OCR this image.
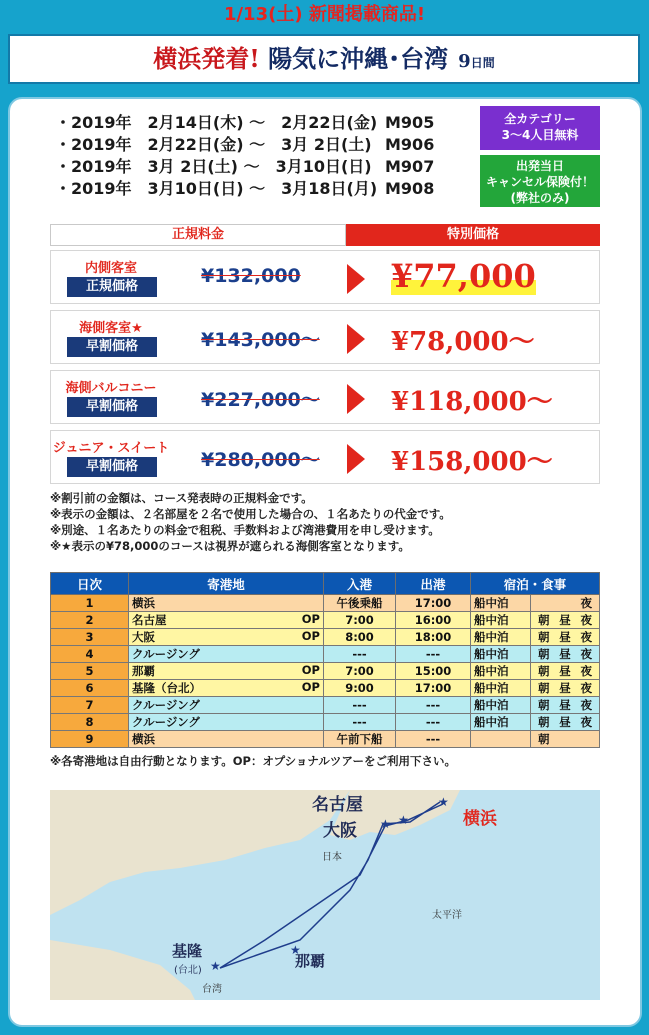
1/13(土) 新聞掲載商品!
横浜発着! 陽気に沖縄･台湾 9日間
・2019年　2月14日(木) ～　2月22日(金) M905
・2019年　2月22日(金) ～　3月 2日(土) M906
・2019年　3月 2日(土) ～　3月10日(日) M907
・2019年　3月10日(日) ～　3月18日(月) M908
全カテゴリー
3～4人目無料
出発当日
キャンセル保険付！
(弊社のみ)
正規料金	特別価格
内側客室
正規価格	¥132,000	¥77,000
海側客室★
早割価格	¥143,000～	¥78,000～
海側バルコニー
早割価格	¥227,000～	¥118,000～
ジュニア・スイート
早割価格	¥280,000～	¥158,000～
※割引前の金額は、コース発表時の正規料金です。
※表示の金額は、２名部屋を２名で使用した場合の、１名あたりの代金です。
※別途、１名あたりの料金で租税、手数料および湾港費用を申し受けます。
※★表示の¥78,000のコースは視界が遮られる海側客室となります。
日次	寄港地	入港	出港	宿泊・食事	
1	横浜	午後乗船	17:00	船中泊	夜

2	名古屋 OP	7:00	16:00	船中泊	朝 昼 夜

3	大阪 OP	8:00	18:00	船中泊	朝 昼 夜

4	クルージング	---	---	船中泊	朝 昼 夜

5	那覇 OP	7:00	15:00	船中泊	朝 昼 夜

6	基隆（台北） OP	9:00	17:00	船中泊	朝 昼 夜

7	クルージング	---	---	船中泊	朝 昼 夜

8	クルージング	---	---	船中泊	朝 昼 夜

9	横浜	午前下船	---		朝
※各寄港地は自由行動となります。OP：オプショナルツアーをご利用下さい。
★
★ ★
★
★
名古屋
大阪
横浜
日本
太平洋
那覇
基隆
(台北)
台湾
